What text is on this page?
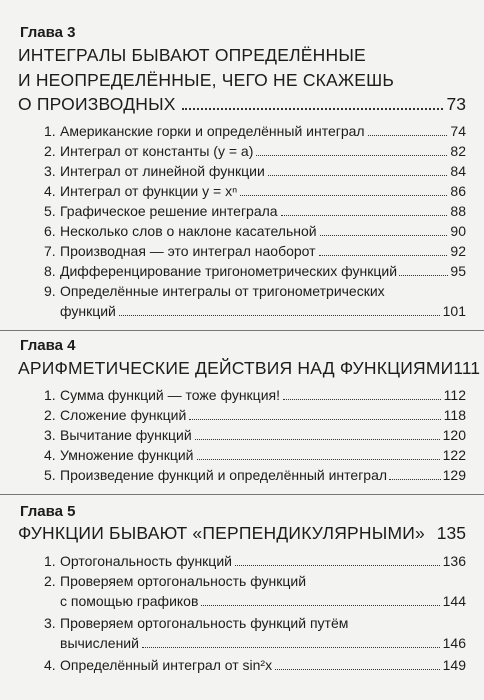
Глава 3
ИНТЕГРАЛЫ БЫВАЮТ ОПРЕДЕЛЁННЫЕ
И НЕОПРЕДЕЛЁННЫЕ, ЧЕГО НЕ СКАЖЕШЬ
О ПРОИЗВОДНЫХ	73
1. Американские горки и определённый интеграл	74
2. Интеграл от константы (y = a)	82
3. Интеграл от линейной функции	84
4. Интеграл от функции y = xⁿ	86
5. Графическое решение интеграла	88
6. Несколько слов о наклоне касательной	90
7. Производная — это интеграл наоборот	92
8. Дифференцирование тригонометрических функций	95
9. Определённые интегралы от тригонометрических
функций	101
Глава 4
АРИФМЕТИЧЕСКИЕ ДЕЙСТВИЯ НАД ФУНКЦИЯМИ 111
1. Сумма функций — тоже функция!	112
2. Сложение функций	118
3. Вычитание функций	120
4. Умножение функций	122
5. Произведение функций и определённый интеграл	129
Глава 5
ФУНКЦИИ БЫВАЮТ «ПЕРПЕНДИКУЛЯРНЫМИ» 135
1. Ортогональность функций	136
2. Проверяем ортогональность функций
с помощью графиков	144
3. Проверяем ортогональность функций путём
вычислений	146
4. Определённый интеграл от sin²x	149
